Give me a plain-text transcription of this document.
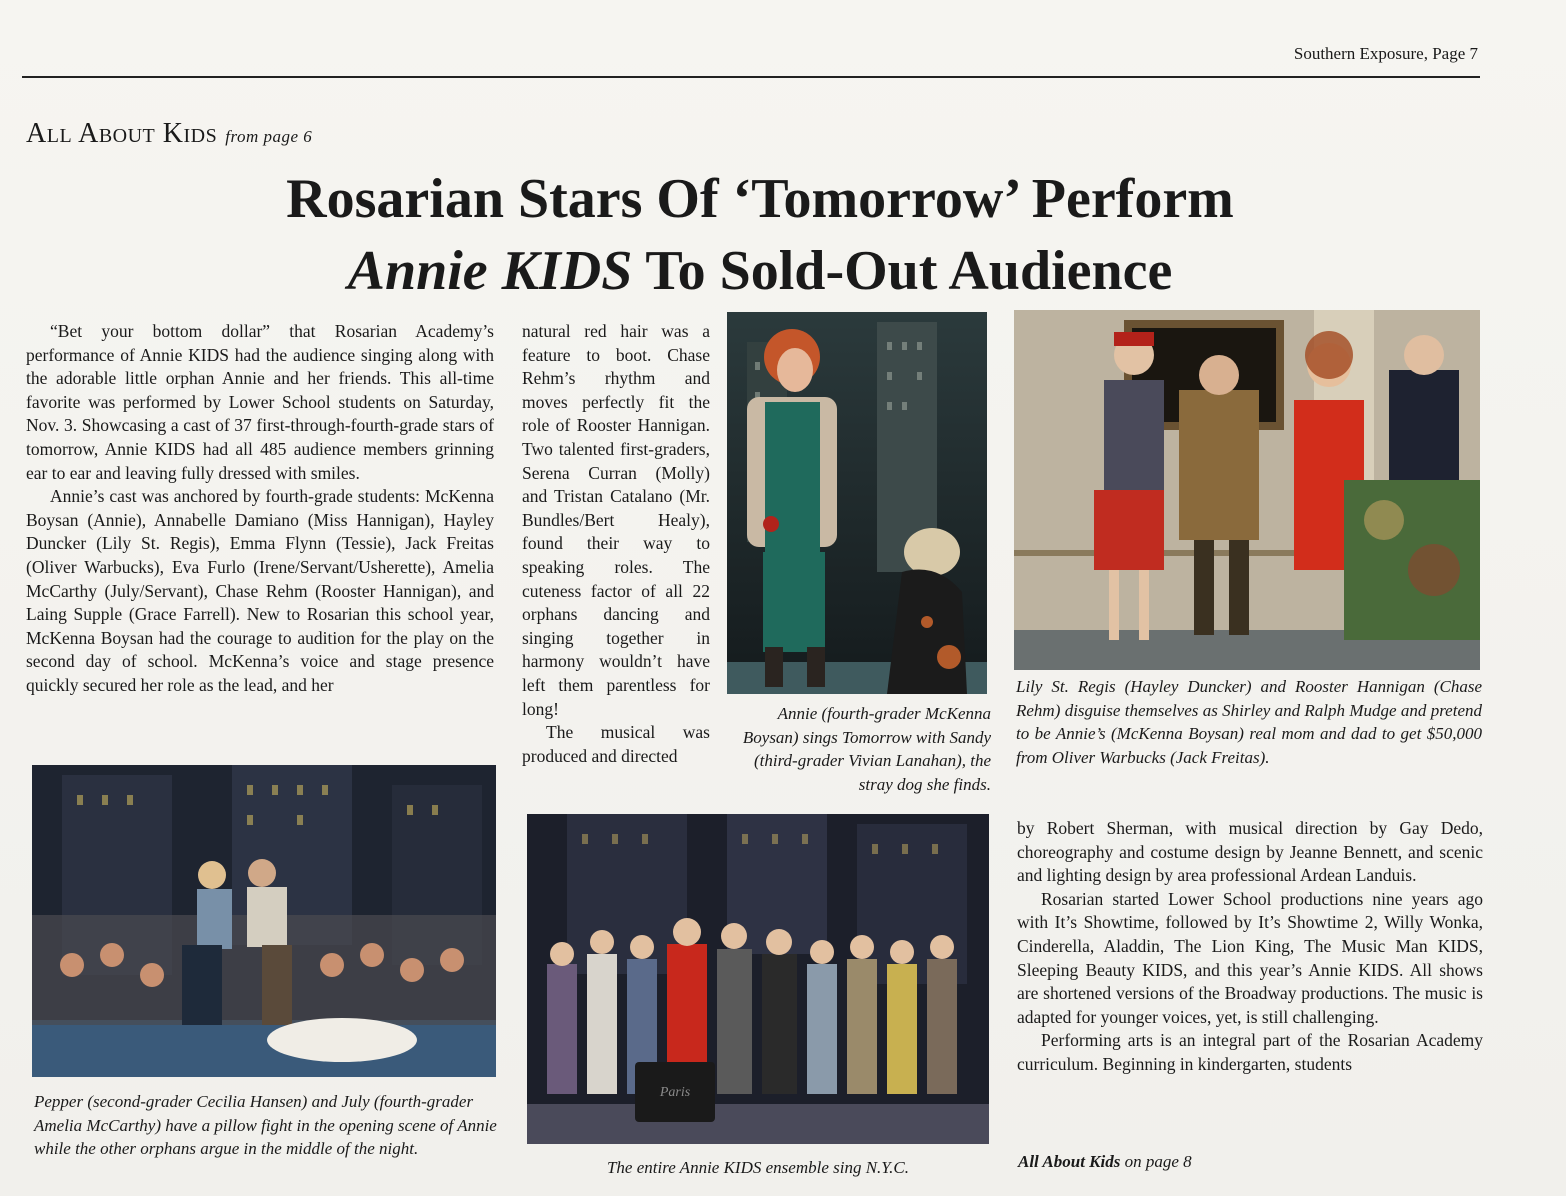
Southern Exposure, Page 7
All About Kids from page 6
Rosarian Stars Of ‘Tomorrow’ Perform
Annie KIDS To Sold-Out Audience

“Bet your bottom dollar” that Rosarian Academy’s performance of Annie KIDS had the audience singing along with the adorable little orphan Annie and her friends. This all-time favorite was performed by Lower School students on Saturday, Nov. 3. Showcasing a cast of 37 first-through-fourth-grade stars of tomorrow, Annie KIDS had all 485 audience members grinning ear to ear and leaving fully dressed with smiles.

Annie’s cast was anchored by fourth-grade students: McKenna Boysan (Annie), Annabelle Damiano (Miss Hannigan), Hayley Duncker (Lily St. Regis), Emma Flynn (Tessie), Jack Freitas (Oliver Warbucks), Eva Furlo (Irene/Servant/Usherette), Amelia McCarthy (July/Servant), Chase Rehm (Rooster Hannigan), and Laing Supple (Grace Farrell). New to Rosarian this school year, McKenna Boysan had the courage to audition for the play on the second day of school. McKenna’s voice and stage presence quickly secured her role as the lead, and her

natural red hair was a feature to boot. Chase Rehm’s rhythm and moves perfectly fit the role of Rooster Hannigan. Two talented first-graders, Serena Curran (Molly) and Tristan Catalano (Mr. Bundles/Bert Healy), found their way to speaking roles. The cuteness factor of all 22 orphans dancing and singing together in harmony wouldn’t have left them parentless for long!

The musical was produced and directed

Annie (fourth-grader McKenna Boysan) sings Tomorrow with Sandy (third-grader Vivian Lanahan), the stray dog she finds.
Lily St. Regis (Hayley Duncker) and Rooster Hannigan (Chase Rehm) disguise themselves as Shirley and Ralph Mudge and pretend to be Annie’s (McKenna Boysan) real mom and dad to get $50,000 from Oliver Warbucks (Jack Freitas).
Pepper (second-grader Cecilia Hansen) and July (fourth-grader Amelia McCarthy) have a pillow fight in the opening scene of Annie while the other orphans argue in the middle of the night.
Paris
The entire Annie KIDS ensemble sing N.Y.C.

by Robert Sherman, with musical direction by Gay Dedo, choreography and costume design by Jeanne Bennett, and scenic and lighting design by area professional Ardean Landuis.

Rosarian started Lower School productions nine years ago with It’s Showtime, followed by It’s Showtime 2, Willy Wonka, Cinderella, Aladdin, The Lion King, The Music Man KIDS, Sleeping Beauty KIDS, and this year’s Annie KIDS. All shows are shortened versions of the Broadway productions. The music is adapted for younger voices, yet, is still challenging.

Performing arts is an integral part of the Rosarian Academy curriculum. Beginning in kindergarten, students

All About Kids on page 8
